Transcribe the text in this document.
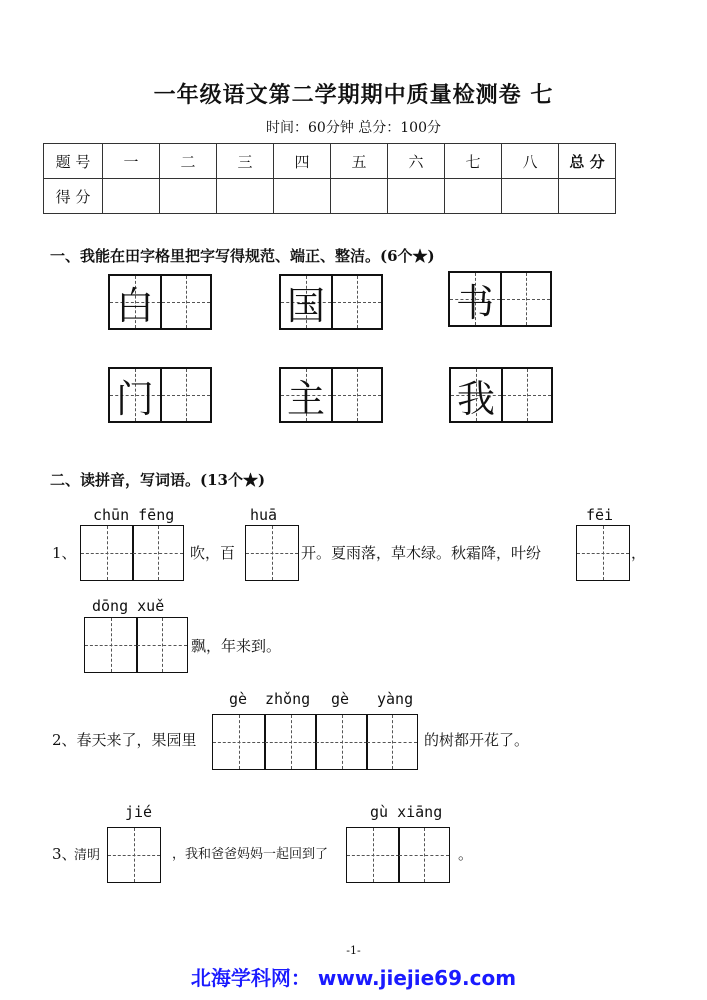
一年级语文第二学期期中质量检测卷 七
时间：60分钟 总分：100分
题 号	一	二	三	四	五	六	七	八	总 分
得 分									
一、我能在田字格里把字写得规范、端正、整洁。(6个★)
白	国	书
门	主	我
二、读拼音，写词语。(13个★)
chūn fēng	huā	fēi
1、	吹，百	开。夏雨落，草木绿。秋霜降，叶纷	，
dōng xuě
飘，年来到。
gè zhǒng gè yàng
2、春天来了，果园里	的树都开花了。
jié	gù xiāng
3、
清明	，我和爸爸妈妈一起回到了	。
-1-
北海学科网： www.jiejie69.com
